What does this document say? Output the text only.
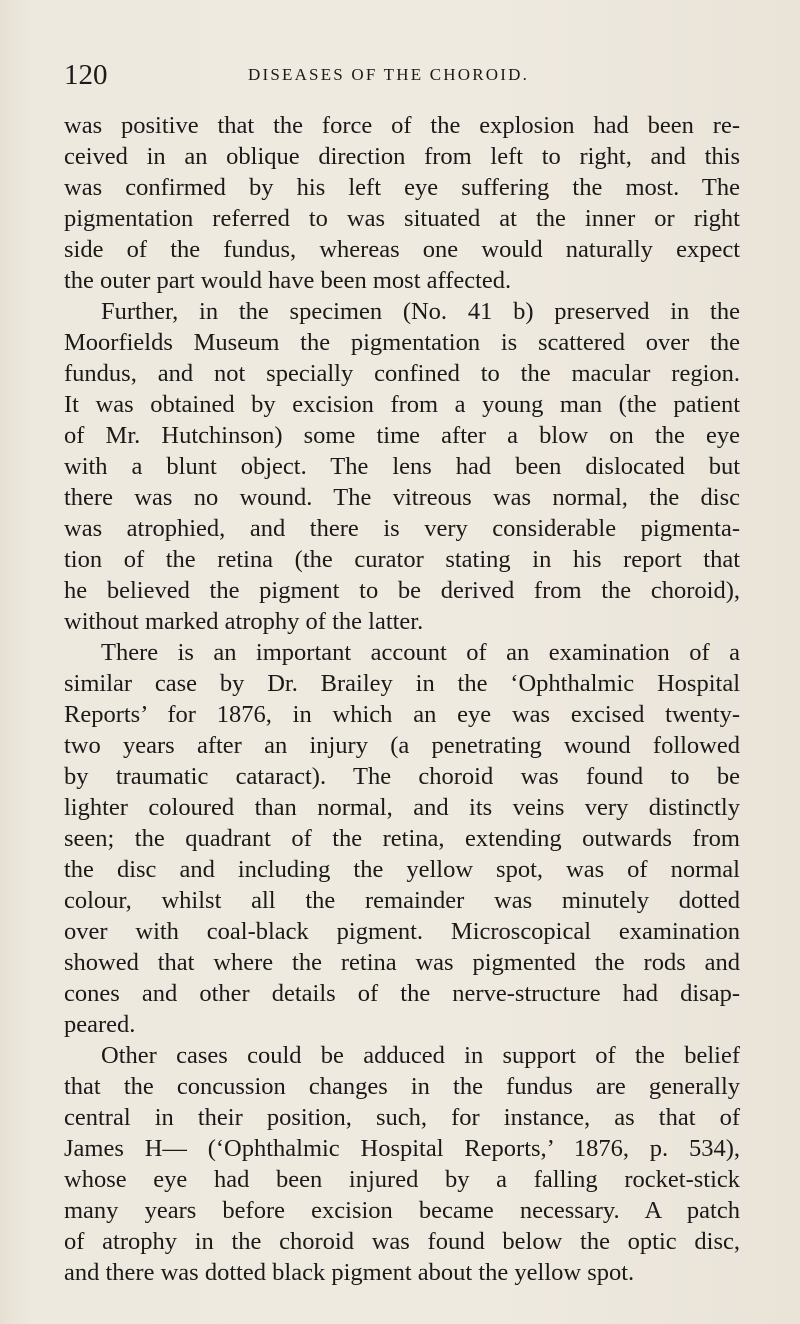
120	DISEASES OF THE CHOROID.
was positive that the force of the explosion had been re-
ceived in an oblique direction from left to right, and this
was confirmed by his left eye suffering the most. The
pigmentation referred to was situated at the inner or right
side of the fundus, whereas one would naturally expect
the outer part would have been most affected.
Further, in the specimen (No. 41 b) preserved in the
Moorfields Museum the pigmentation is scattered over the
fundus, and not specially confined to the macular region.
It was obtained by excision from a young man (the patient
of Mr. Hutchinson) some time after a blow on the eye
with a blunt object. The lens had been dislocated but
there was no wound. The vitreous was normal, the disc
was atrophied, and there is very considerable pigmenta-
tion of the retina (the curator stating in his report that
he believed the pigment to be derived from the choroid),
without marked atrophy of the latter.
There is an important account of an examination of a
similar case by Dr. Brailey in the ‘Ophthalmic Hospital
Reports’ for 1876, in which an eye was excised twenty-
two years after an injury (a penetrating wound followed
by traumatic cataract). The choroid was found to be
lighter coloured than normal, and its veins very distinctly
seen; the quadrant of the retina, extending outwards from
the disc and including the yellow spot, was of normal
colour, whilst all the remainder was minutely dotted
over with coal-black pigment. Microscopical examination
showed that where the retina was pigmented the rods and
cones and other details of the nerve-structure had disap-
peared.
Other cases could be adduced in support of the belief
that the concussion changes in the fundus are generally
central in their position, such, for instance, as that of
James H— (‘Ophthalmic Hospital Reports,’ 1876, p. 534),
whose eye had been injured by a falling rocket-stick
many years before excision became necessary. A patch
of atrophy in the choroid was found below the optic disc,
and there was dotted black pigment about the yellow spot.
